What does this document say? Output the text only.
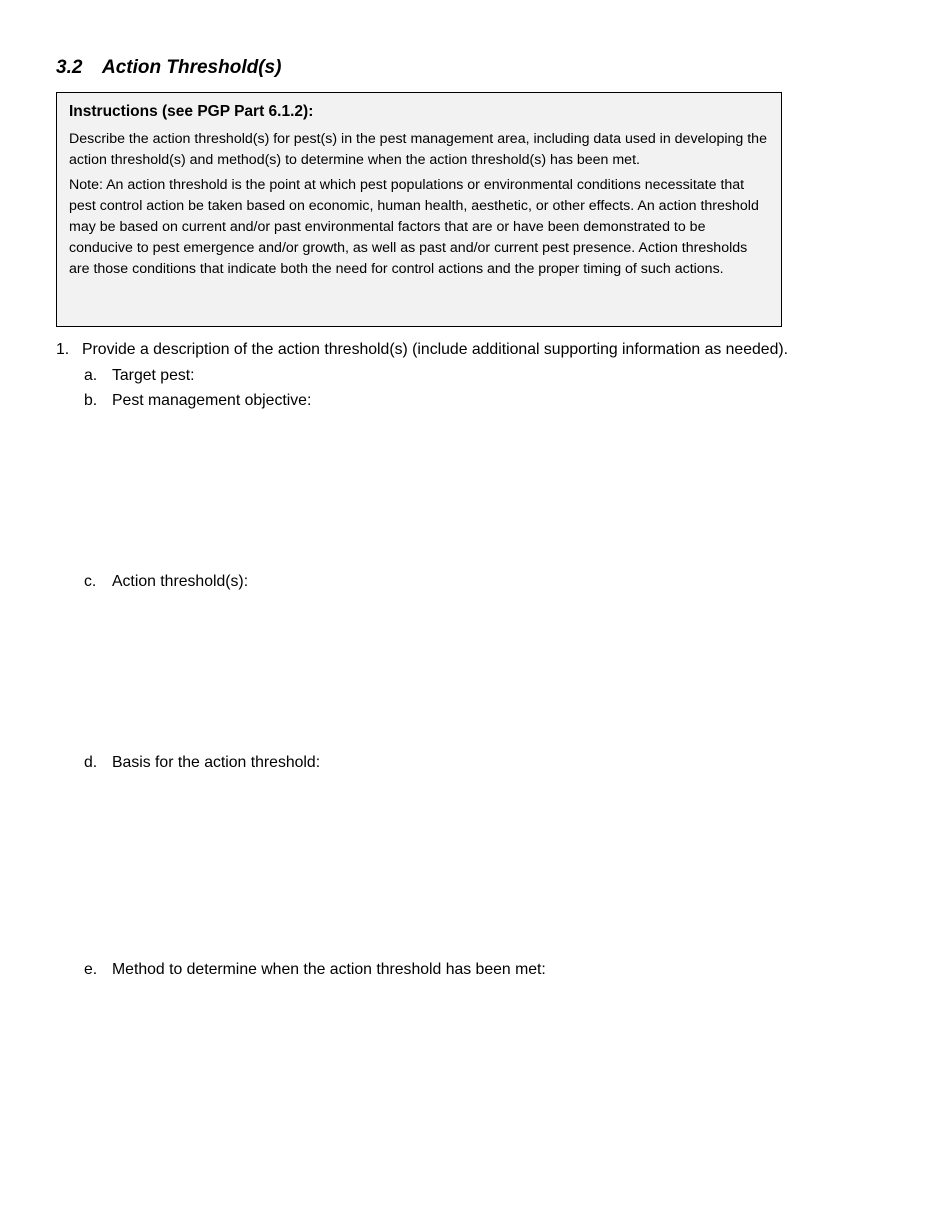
3.2 Action Threshold(s)

Instructions (see PGP Part 6.1.2):

Describe the action threshold(s) for pest(s) in the pest management area, including data used in developing the action threshold(s) and method(s) to determine when the action threshold(s) has been met.

Note: An action threshold is the point at which pest populations or environmental conditions necessitate that pest control action be taken based on economic, human health, aesthetic, or other effects. An action threshold may be based on current and/or past environmental factors that are or have been demonstrated to be conducive to pest emergence and/or growth, as well as past and/or current pest presence. Action thresholds are those conditions that indicate both the need for control actions and the proper timing of such actions.

1. Provide a description of the action threshold(s) (include additional supporting information as needed).
a. Target pest:
b. Pest management objective:
c. Action threshold(s):
d. Basis for the action threshold:
e. Method to determine when the action threshold has been met:
